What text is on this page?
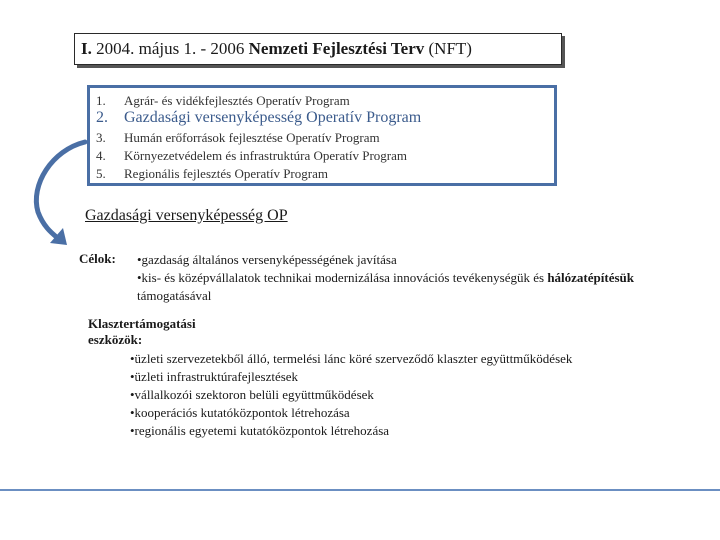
I. 2004. május 1. - 2006 Nemzeti Fejlesztési Terv (NFT)
1. Agrár- és vidékfejlesztés Operatív Program
2. Gazdasági versenyképesség Operatív Program
3. Humán erőforrások fejlesztése Operatív Program
4. Környezetvédelem és infrastruktúra Operatív Program
5. Regionális fejlesztés Operatív Program
Gazdasági versenyképesség OP
Célok: •gazdaság általános versenyképességének javítása
•kis- és középvállalatok technikai modernizálása innovációs tevékenységük és hálózatépítésük
támogatásával
Klasztertámogatási
eszközök:
•üzleti szervezetekből álló, termelési lánc köré szerveződő klaszter együttműködések
•üzleti infrastruktúrafejlesztések
•vállalkozói szektoron belüli együttműködések
•kooperációs kutatóközpontok létrehozása
•regionális egyetemi kutatóközpontok létrehozása
